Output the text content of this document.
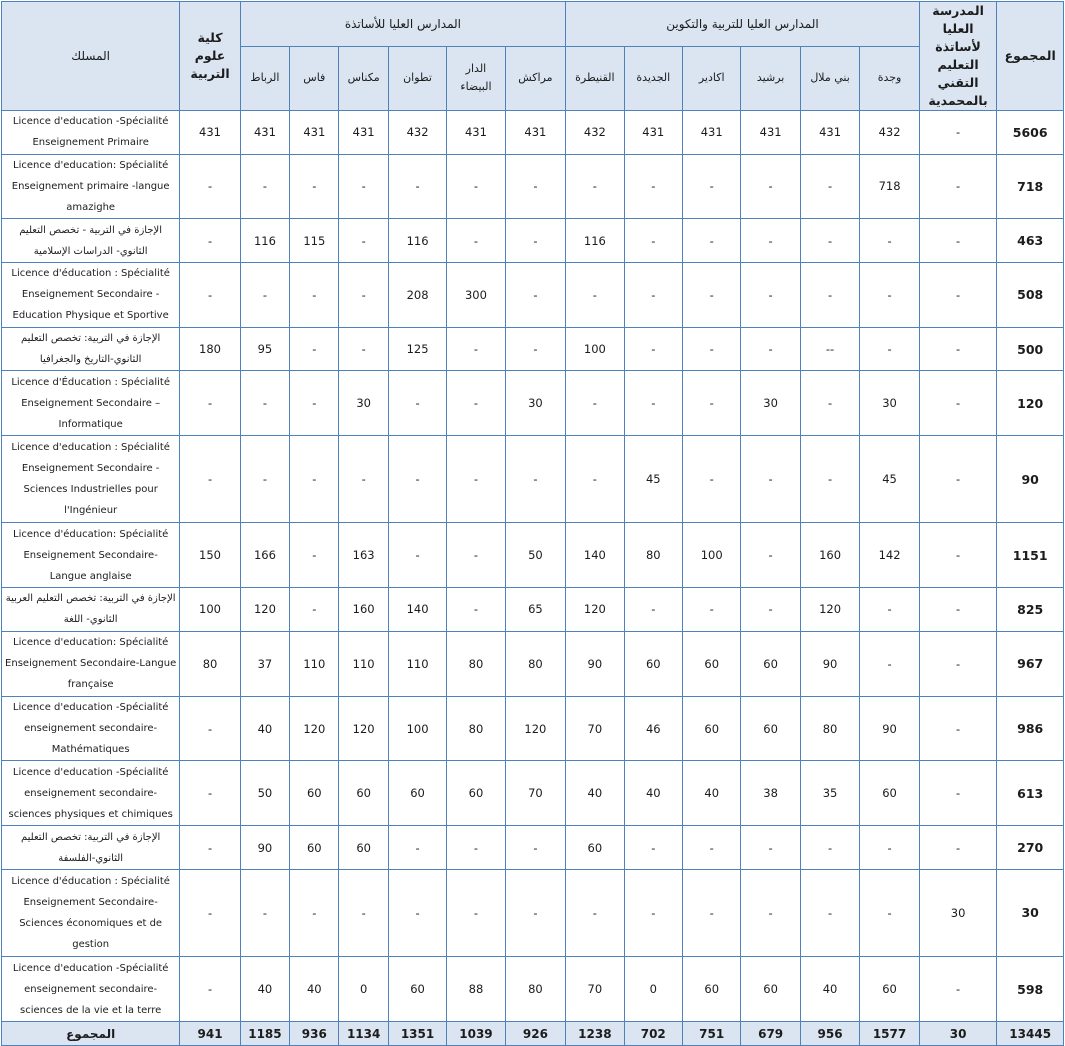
المسلك	كلية علوم التربية	المدارس العليا للأساتذة						المدارس العليا للتربية والتكوين						المدرسة العليا لأساتذة التعليم التقني بالمحمدية	المجموع
		الرباط	فاس	مكناس	تطوان	الدار البيضاء	مراكش	القنيطرة	الجديدة	اكادير	برشيد	بني ملال	وجدة		
Licence d'education -Spécialité Enseignement Primaire	431	431	431	431	432	431	431	432	431	431	431	431	432	-	5606
Licence d'education: Spécialité Enseignement primaire -langue amazighe	-	-	-	-	-	-	-	-	-	-	-	-	718	-	718
الإجازة في التربية - تخصص التعليم الثانوي- الدراسات الإسلامية	-	116	115	-	116	-	-	116	-	-	-	-	-	-	463
Licence d'éducation : Spécialité Enseignement Secondaire - Education Physique et Sportive	-	-	-	-	208	300	-	-	-	-	-	-	-	-	508
الإجازة في التربية: تخصص التعليم الثانوي-التاريخ والجغرافيا	180	95	-	-	125	-	-	100	-	-	-	--	-	-	500
Licence d'Éducation : Spécialité Enseignement Secondaire – Informatique	-	-	-	30	-	-	30	-	-	-	30	-	30	-	120
Licence d'education : Spécialité Enseignement Secondaire - Sciences Industrielles pour l'Ingénieur	-	-	-	-	-	-	-	-	45	-	-	-	45	-	90
Licence d'éducation: Spécialité Enseignement Secondaire- Langue anglaise	150	166	-	163	-	-	50	140	80	100	-	160	142	-	1151
الإجازة في التربية: تخصص التعليم العربية الثانوي- اللغة	100	120	-	160	140	-	65	120	-	-	-	120	-	-	825
Licence d'education: Spécialité Enseignement Secondaire-Langue française	80	37	110	110	110	80	80	90	60	60	60	90	-	-	967
Licence d'education -Spécialité enseignement secondaire- Mathématiques	-	40	120	120	100	80	120	70	46	60	60	80	90	-	986
Licence d'education -Spécialité enseignement secondaire-sciences physiques et chimiques	-	50	60	60	60	60	70	40	40	40	38	35	60	-	613
الإجازة في التربية: تخصص التعليم الثانوي-الفلسفة	-	90	60	60	-	-	-	60	-	-	-	-	-	-	270
Licence d'éducation : Spécialité Enseignement Secondaire- Sciences économiques et de gestion	-	-	-	-	-	-	-	-	-	-	-	-	-	30	30
Licence d'education -Spécialité enseignement secondaire-sciences de la vie et la terre	-	40	40	0	60	88	80	70	0	60	60	40	60	-	598
المجموع	941	1185	936	1134	1351	1039	926	1238	702	751	679	956	1577	30	13445
